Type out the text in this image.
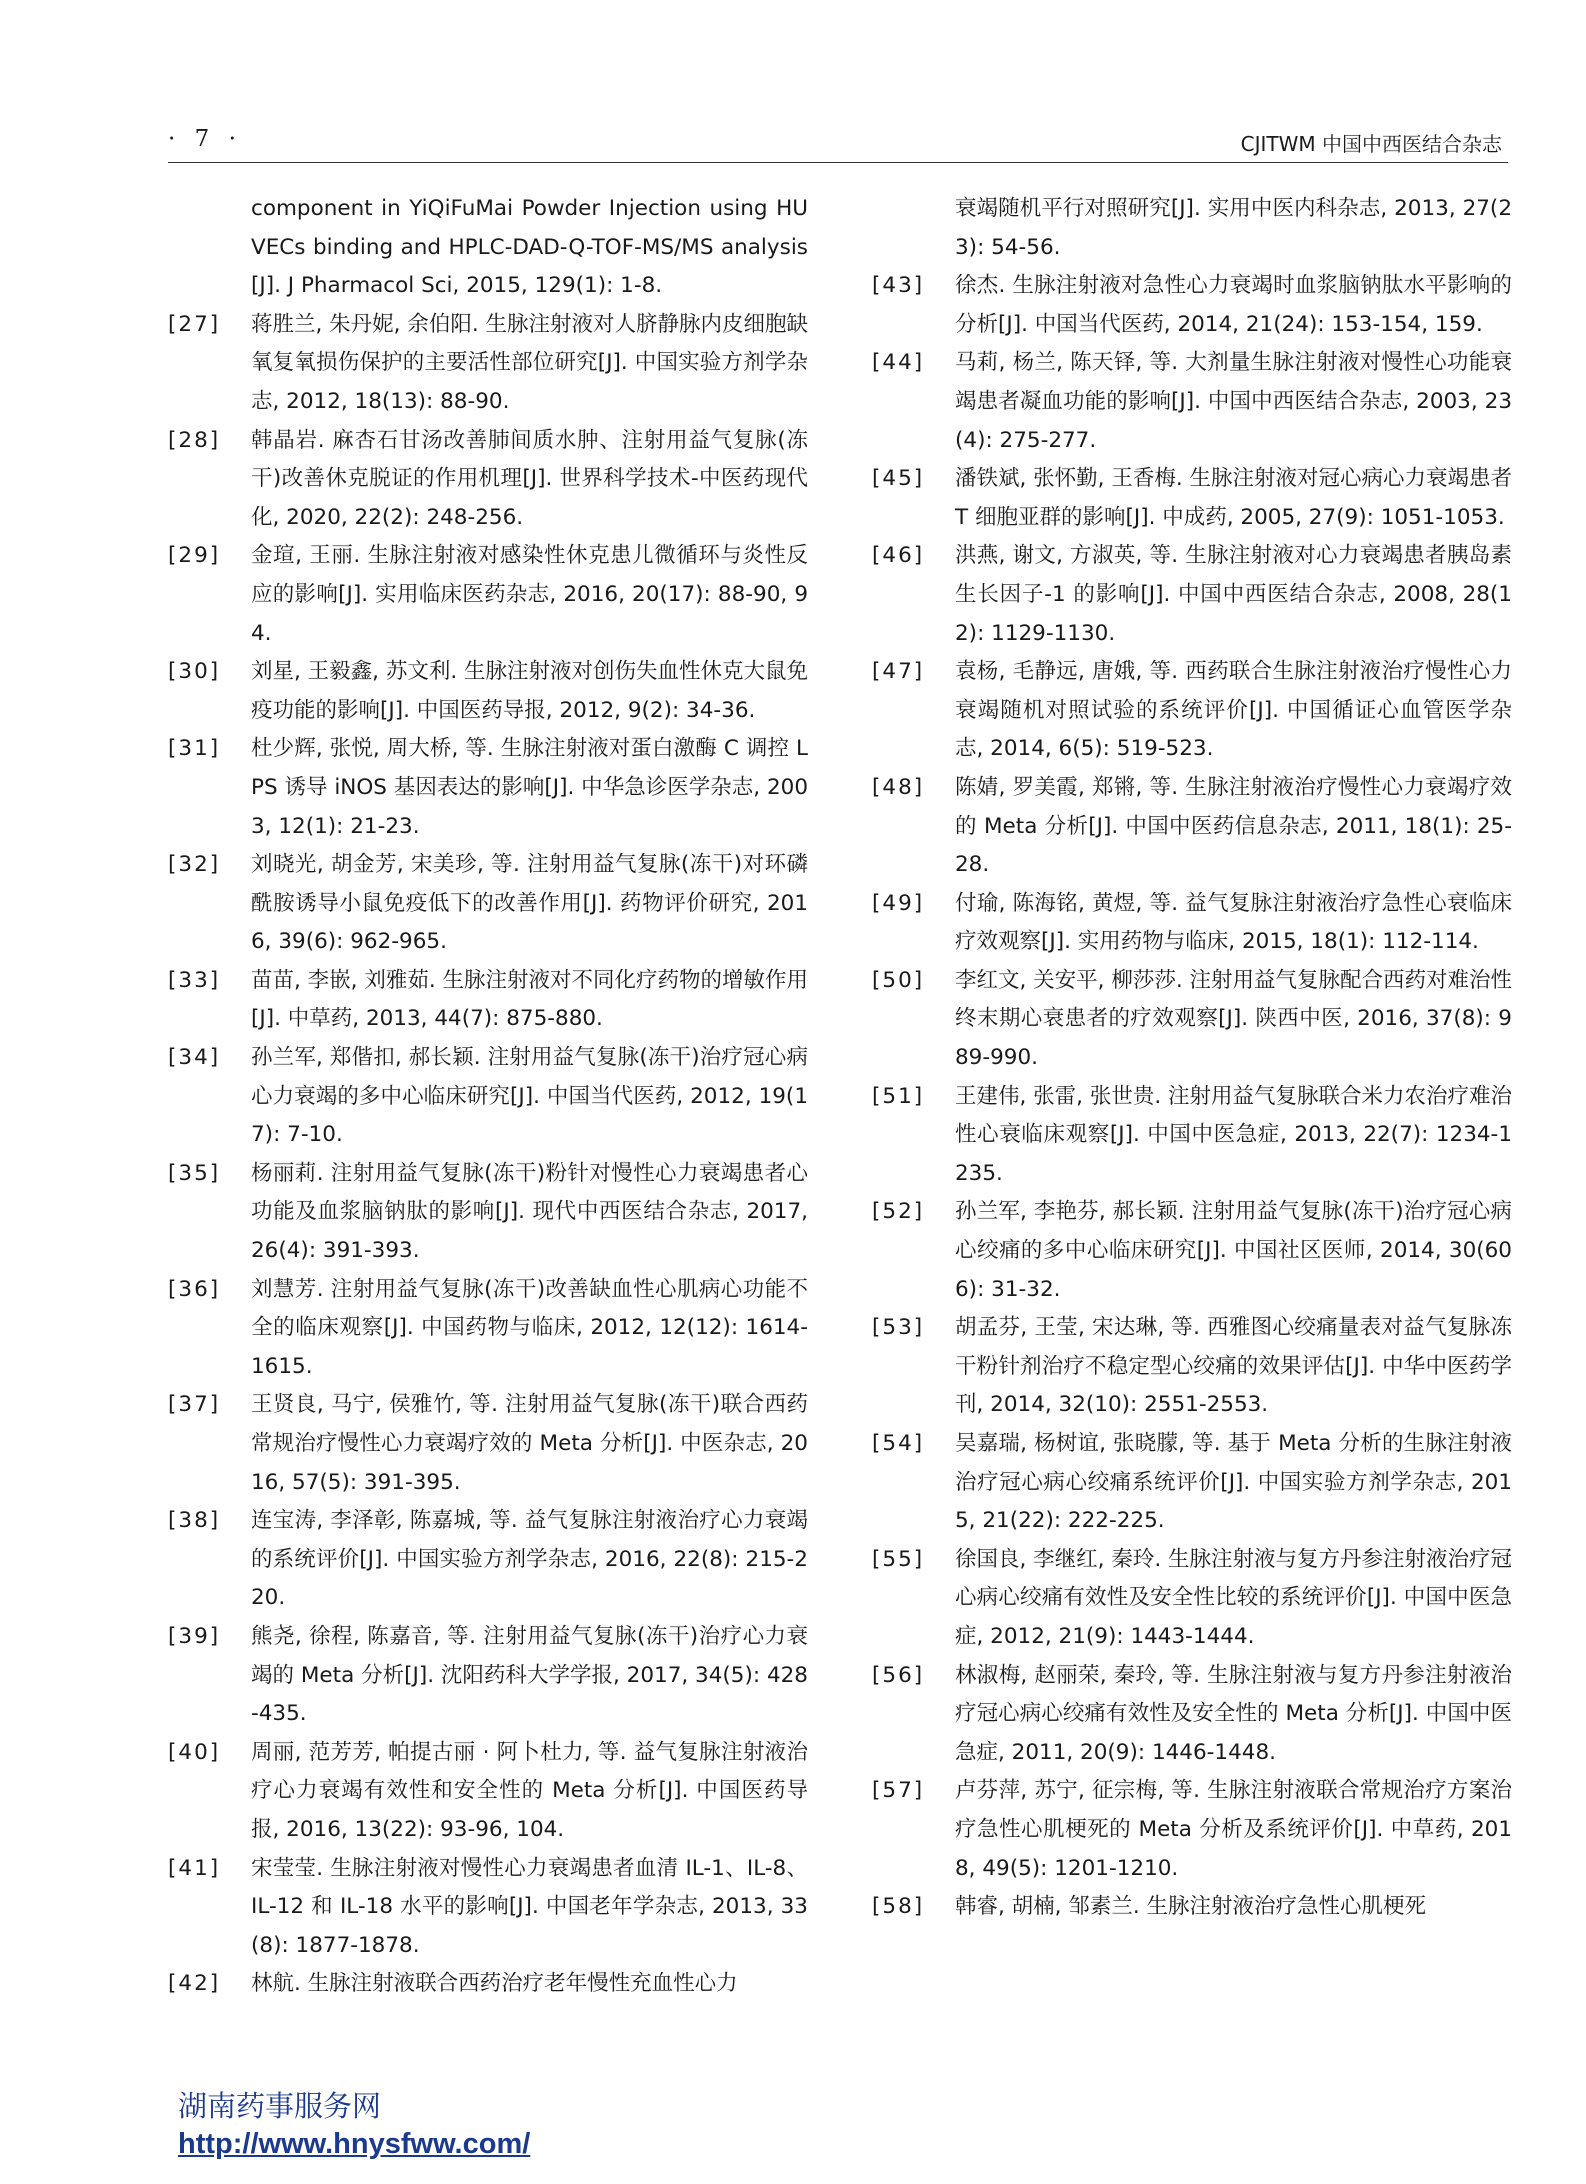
· 7 ·	CJITWM 中国中西医结合杂志
component in YiQiFuMai Powder Injection using HUVECs binding and HPLC-DAD-Q-TOF-MS/MS analysis[J]. J Pharmacol Sci, 2015, 129(1): 1-8.
[27]	蒋胜兰, 朱丹妮, 余伯阳. 生脉注射液对人脐静脉内皮细胞缺氧复氧损伤保护的主要活性部位研究[J]. 中国实验方剂学杂志, 2012, 18(13): 88-90.
[28]	韩晶岩. 麻杏石甘汤改善肺间质水肿、注射用益气复脉(冻干)改善休克脱证的作用机理[J]. 世界科学技术-中医药现代化, 2020, 22(2): 248-256.
[29]	金瑄, 王丽. 生脉注射液对感染性休克患儿微循环与炎性反应的影响[J]. 实用临床医药杂志, 2016, 20(17): 88-90, 94.
[30]	刘星, 王毅鑫, 苏文利. 生脉注射液对创伤失血性休克大鼠免疫功能的影响[J]. 中国医药导报, 2012, 9(2): 34-36.
[31]	杜少辉, 张悦, 周大桥, 等. 生脉注射液对蛋白激酶 C 调控 LPS 诱导 iNOS 基因表达的影响[J]. 中华急诊医学杂志, 2003, 12(1): 21-23.
[32]	刘晓光, 胡金芳, 宋美珍, 等. 注射用益气复脉(冻干)对环磷酰胺诱导小鼠免疫低下的改善作用[J]. 药物评价研究, 2016, 39(6): 962-965.
[33]	苗苗, 李嵌, 刘雅茹. 生脉注射液对不同化疗药物的增敏作用[J]. 中草药, 2013, 44(7): 875-880.
[34]	孙兰军, 郑偕扣, 郝长颖. 注射用益气复脉(冻干)治疗冠心病心力衰竭的多中心临床研究[J]. 中国当代医药, 2012, 19(17): 7-10.
[35]	杨丽莉. 注射用益气复脉(冻干)粉针对慢性心力衰竭患者心功能及血浆脑钠肽的影响[J]. 现代中西医结合杂志, 2017, 26(4): 391-393.
[36]	刘慧芳. 注射用益气复脉(冻干)改善缺血性心肌病心功能不全的临床观察[J]. 中国药物与临床, 2012, 12(12): 1614-1615.
[37]	王贤良, 马宁, 侯雅竹, 等. 注射用益气复脉(冻干)联合西药常规治疗慢性心力衰竭疗效的 Meta 分析[J]. 中医杂志, 2016, 57(5): 391-395.
[38]	连宝涛, 李泽彰, 陈嘉城, 等. 益气复脉注射液治疗心力衰竭的系统评价[J]. 中国实验方剂学杂志, 2016, 22(8): 215-220.
[39]	熊尧, 徐程, 陈嘉音, 等. 注射用益气复脉(冻干)治疗心力衰竭的 Meta 分析[J]. 沈阳药科大学学报, 2017, 34(5): 428-435.
[40]	周丽, 范芳芳, 帕提古丽 · 阿卜杜力, 等. 益气复脉注射液治疗心力衰竭有效性和安全性的 Meta 分析[J]. 中国医药导报, 2016, 13(22): 93-96, 104.
[41]	宋莹莹. 生脉注射液对慢性心力衰竭患者血清 IL-1、IL-8、IL-12 和 IL-18 水平的影响[J]. 中国老年学杂志, 2013, 33(8): 1877-1878.
[42]	林航. 生脉注射液联合西药治疗老年慢性充血性心力
衰竭随机平行对照研究[J]. 实用中医内科杂志, 2013, 27(23): 54-56.
[43]	徐杰. 生脉注射液对急性心力衰竭时血浆脑钠肽水平影响的分析[J]. 中国当代医药, 2014, 21(24): 153-154, 159.
[44]	马莉, 杨兰, 陈天铎, 等. 大剂量生脉注射液对慢性心功能衰竭患者凝血功能的影响[J]. 中国中西医结合杂志, 2003, 23(4): 275-277.
[45]	潘铁斌, 张怀勤, 王香梅. 生脉注射液对冠心病心力衰竭患者 T 细胞亚群的影响[J]. 中成药, 2005, 27(9): 1051-1053.
[46]	洪燕, 谢文, 方淑英, 等. 生脉注射液对心力衰竭患者胰岛素生长因子-1 的影响[J]. 中国中西医结合杂志, 2008, 28(12): 1129-1130.
[47]	袁杨, 毛静远, 唐娥, 等. 西药联合生脉注射液治疗慢性心力衰竭随机对照试验的系统评价[J]. 中国循证心血管医学杂志, 2014, 6(5): 519-523.
[48]	陈婧, 罗美霞, 郑锵, 等. 生脉注射液治疗慢性心力衰竭疗效的 Meta 分析[J]. 中国中医药信息杂志, 2011, 18(1): 25-28.
[49]	付瑜, 陈海铭, 黄煜, 等. 益气复脉注射液治疗急性心衰临床疗效观察[J]. 实用药物与临床, 2015, 18(1): 112-114.
[50]	李红文, 关安平, 柳莎莎. 注射用益气复脉配合西药对难治性终末期心衰患者的疗效观察[J]. 陕西中医, 2016, 37(8): 989-990.
[51]	王建伟, 张雷, 张世贵. 注射用益气复脉联合米力农治疗难治性心衰临床观察[J]. 中国中医急症, 2013, 22(7): 1234-1235.
[52]	孙兰军, 李艳芬, 郝长颖. 注射用益气复脉(冻干)治疗冠心病心绞痛的多中心临床研究[J]. 中国社区医师, 2014, 30(606): 31-32.
[53]	胡孟芬, 王莹, 宋达琳, 等. 西雅图心绞痛量表对益气复脉冻干粉针剂治疗不稳定型心绞痛的效果评估[J]. 中华中医药学刊, 2014, 32(10): 2551-2553.
[54]	吴嘉瑞, 杨树谊, 张晓朦, 等. 基于 Meta 分析的生脉注射液治疗冠心病心绞痛系统评价[J]. 中国实验方剂学杂志, 2015, 21(22): 222-225.
[55]	徐国良, 李继红, 秦玲. 生脉注射液与复方丹参注射液治疗冠心病心绞痛有效性及安全性比较的系统评价[J]. 中国中医急症, 2012, 21(9): 1443-1444.
[56]	林淑梅, 赵丽荣, 秦玲, 等. 生脉注射液与复方丹参注射液治疗冠心病心绞痛有效性及安全性的 Meta 分析[J]. 中国中医急症, 2011, 20(9): 1446-1448.
[57]	卢芬萍, 苏宁, 征宗梅, 等. 生脉注射液联合常规治疗方案治疗急性心肌梗死的 Meta 分析及系统评价[J]. 中草药, 2018, 49(5): 1201-1210.
[58]	韩睿, 胡楠, 邹素兰. 生脉注射液治疗急性心肌梗死
湖南药事服务网
http://www.hnysfww.com/
